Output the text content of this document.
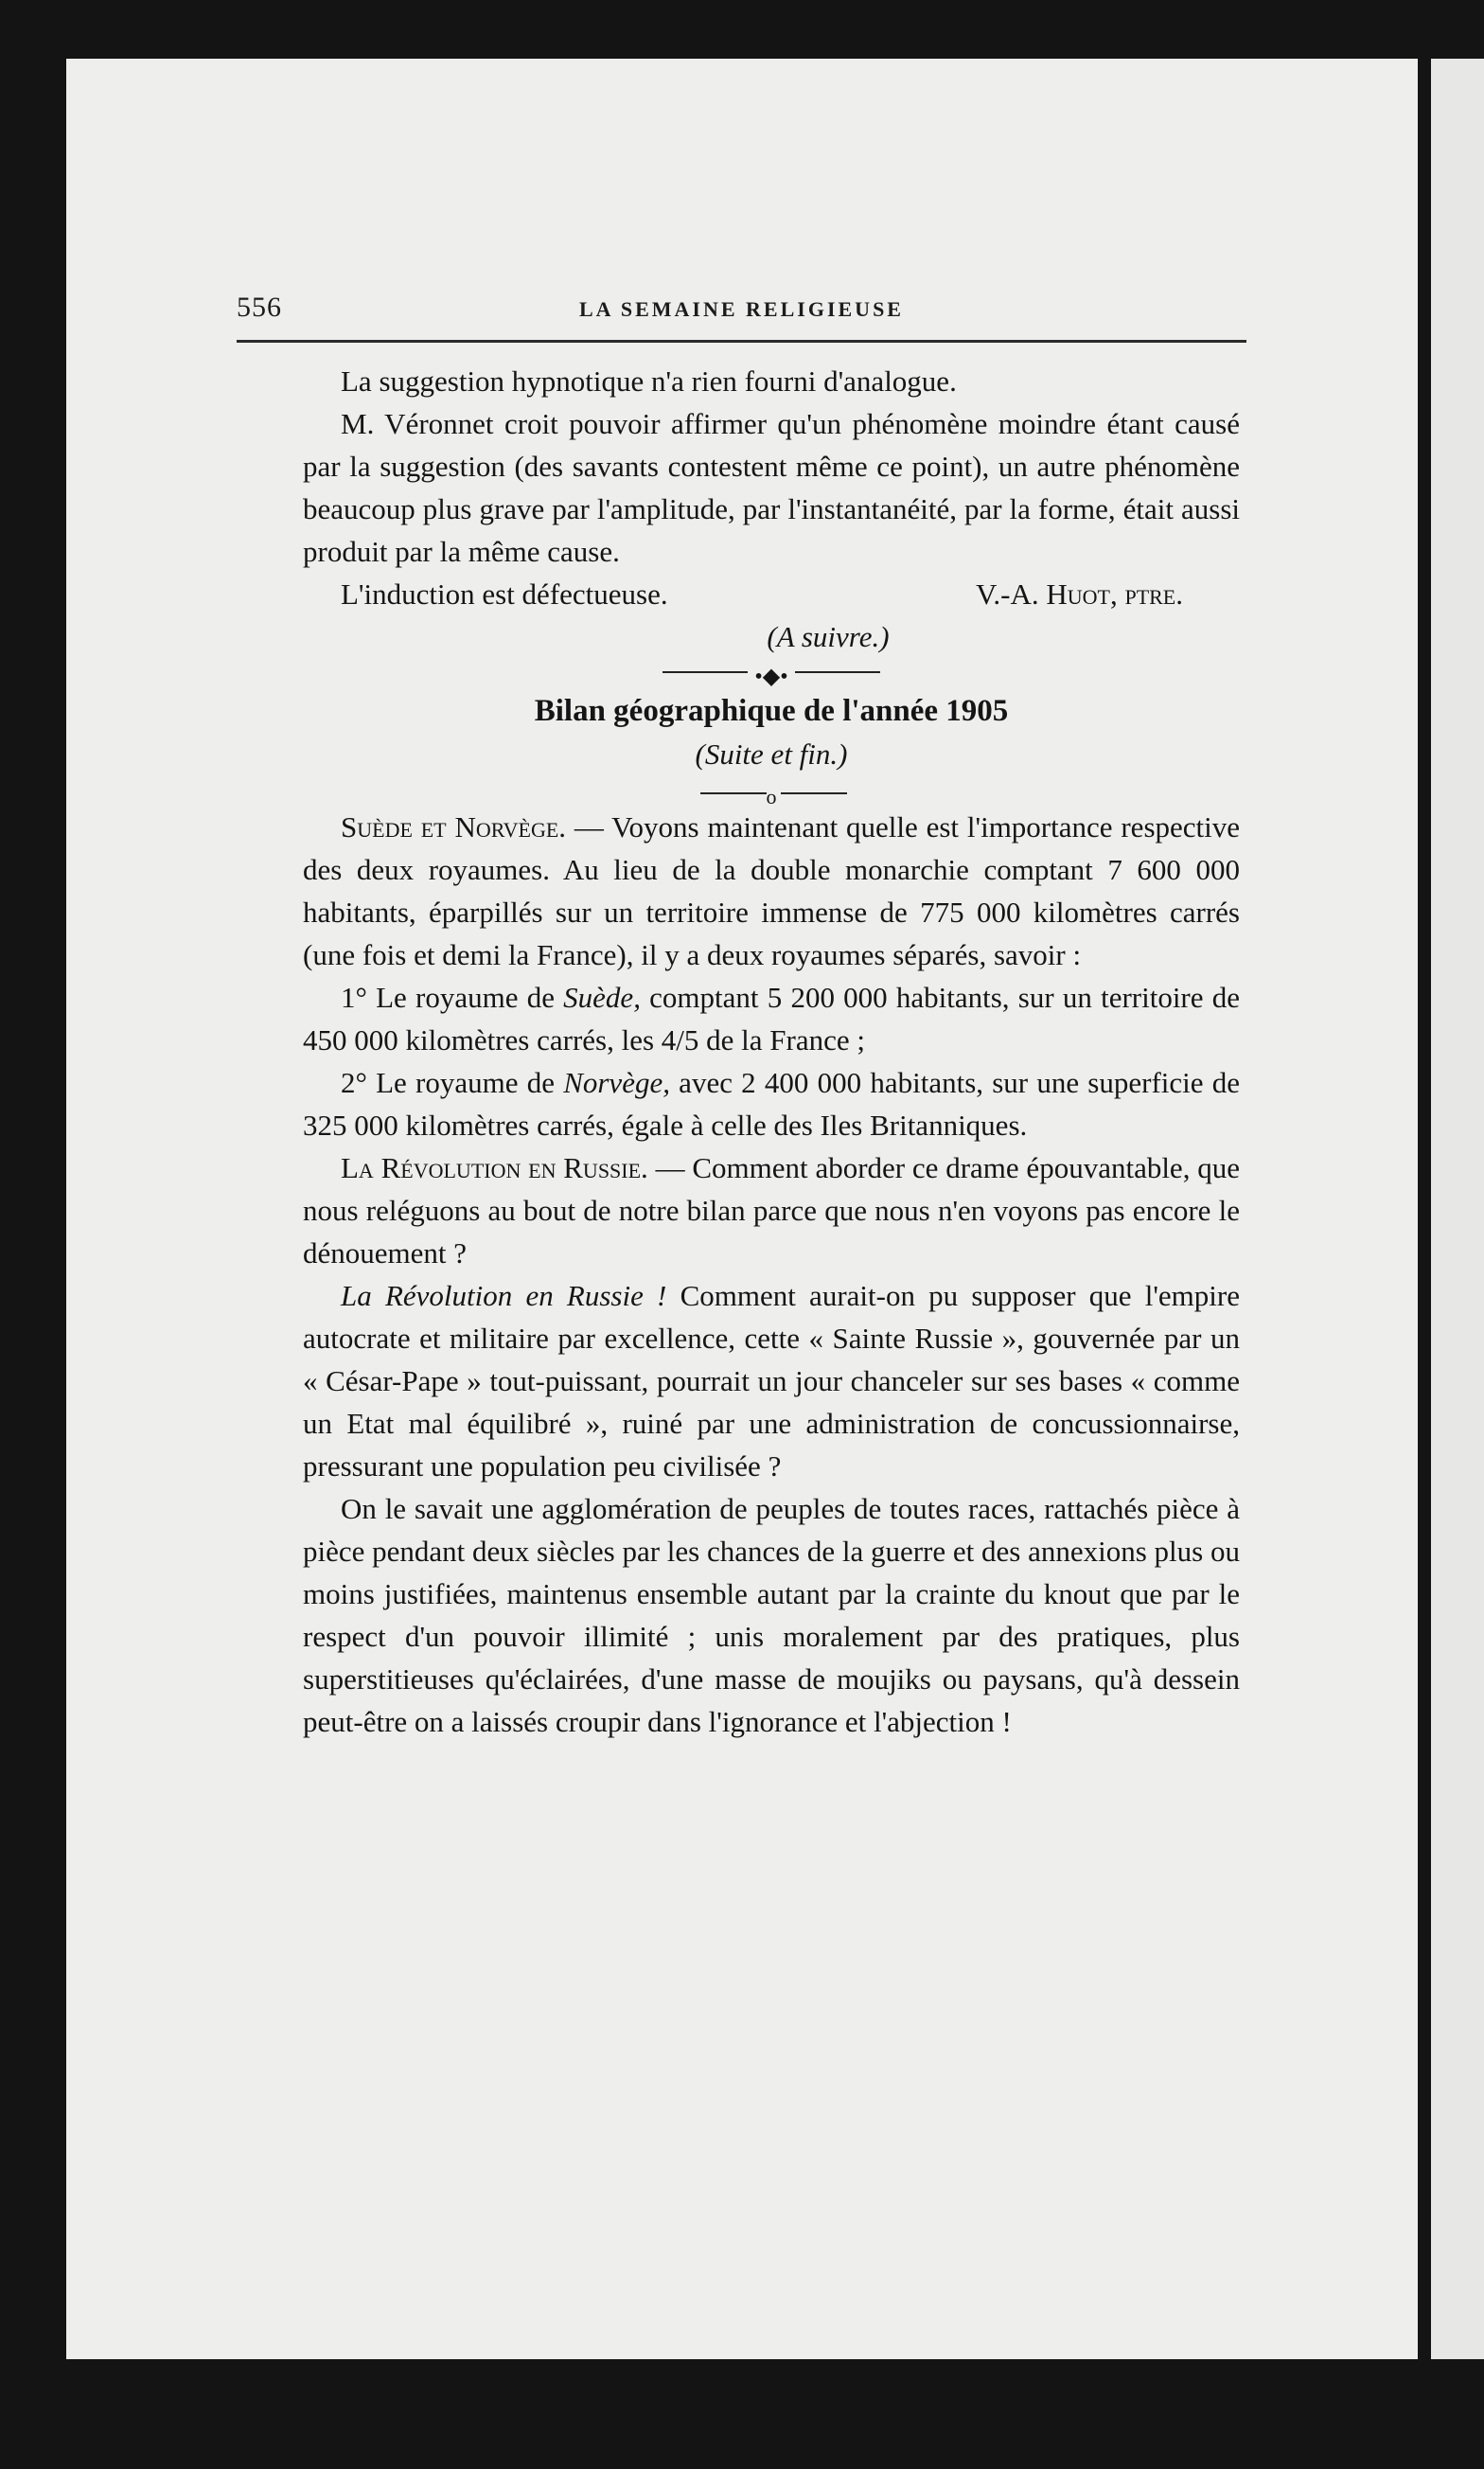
556	LA SEMAINE RELIGIEUSE

La suggestion hypnotique n'a rien fourni d'analogue.

M. Véronnet croit pouvoir affirmer qu'un phénomène moindre étant causé par la suggestion (des savants contestent même ce point), un autre phénomène beaucoup plus grave par l'amplitude, par l'instantanéité, par la forme, était aussi produit par la même cause.

L'induction est défectueuse.	V.-A. Huot, ptre.
(A suivre.)
•◆•
Bilan géographique de l'année 1905
(Suite et fin.)
o

Suède et Norvège. — Voyons maintenant quelle est l'importance respective des deux royaumes. Au lieu de la double monarchie comptant 7 600 000 habitants, éparpillés sur un territoire immense de 775 000 kilomètres carrés (une fois et demi la France), il y a deux royaumes séparés, savoir :

1° Le royaume de Suède, comptant 5 200 000 habitants, sur un territoire de 450 000 kilomètres carrés, les 4/5 de la France ;

2° Le royaume de Norvège, avec 2 400 000 habitants, sur une superficie de 325 000 kilomètres carrés, égale à celle des Iles Britanniques.

La Révolution en Russie. — Comment aborder ce drame épouvantable, que nous reléguons au bout de notre bilan parce que nous n'en voyons pas encore le dénouement ?

La Révolution en Russie ! Comment aurait-on pu supposer que l'empire autocrate et militaire par excellence, cette « Sainte Russie », gouvernée par un « César-Pape » tout-puissant, pourrait un jour chanceler sur ses bases « comme un Etat mal équilibré », ruiné par une administration de concussionnairse, pressurant une population peu civilisée ?

On le savait une agglomération de peuples de toutes races, rattachés pièce à pièce pendant deux siècles par les chances de la guerre et des annexions plus ou moins justifiées, maintenus ensemble autant par la crainte du knout que par le respect d'un pouvoir illimité ; unis moralement par des pratiques, plus superstitieuses qu'éclairées, d'une masse de moujiks ou paysans, qu'à dessein peut-être on a laissés croupir dans l'ignorance et l'abjection !
